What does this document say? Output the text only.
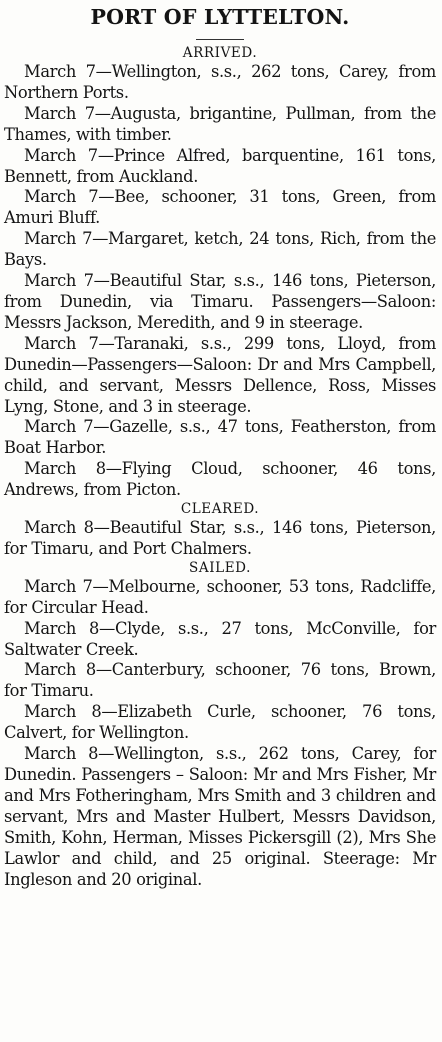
PORT OF LYTTELTON.

ARRIVED.

March 7—Wellington, s.s., 262 tons, Carey, from Northern Ports.

March 7—Augusta, brigantine, Pullman, from the Thames, with timber.

March 7—Prince Alfred, barquentine, 161 tons, Bennett, from Auckland.

March 7—Bee, schooner, 31 tons, Green, from Amuri Bluff.

March 7—Margaret, ketch, 24 tons, Rich, from the Bays.

March 7—Beautiful Star, s.s., 146 tons, Pieterson, from Dunedin, via Timaru. Passengers—Saloon: Messrs Jackson, Meredith, and 9 in steerage.

March 7—Taranaki, s.s., 299 tons, Lloyd, from Dunedin—Passengers—Saloon: Dr and Mrs Campbell, child, and servant, Messrs Dellence, Ross, Misses Lyng, Stone, and 3 in steerage.

March 7—Gazelle, s.s., 47 tons, Featherston, from Boat Harbor.

March 8—Flying Cloud, schooner, 46 tons, Andrews, from Picton.

CLEARED.

March 8—Beautiful Star, s.s., 146 tons, Pieterson, for Timaru, and Port Chalmers.

SAILED.

March 7—Melbourne, schooner, 53 tons, Radcliffe, for Circular Head.

March 8—Clyde, s.s., 27 tons, McConville, for Saltwater Creek.

March 8—Canterbury, schooner, 76 tons, Brown, for Timaru.

March 8—Elizabeth Curle, schooner, 76 tons, Calvert, for Wellington.

March 8—Wellington, s.s., 262 tons, Carey, for Dunedin. Passengers – Saloon: Mr and Mrs Fisher, Mr and Mrs Fotheringham, Mrs Smith and 3 children and servant, Mrs and Master Hulbert, Messrs Davidson, Smith, Kohn, Herman, Misses Pickersgill (2), Mrs She Lawlor and child, and 25 original. Steerage: Mr Ingleson and 20 original.
